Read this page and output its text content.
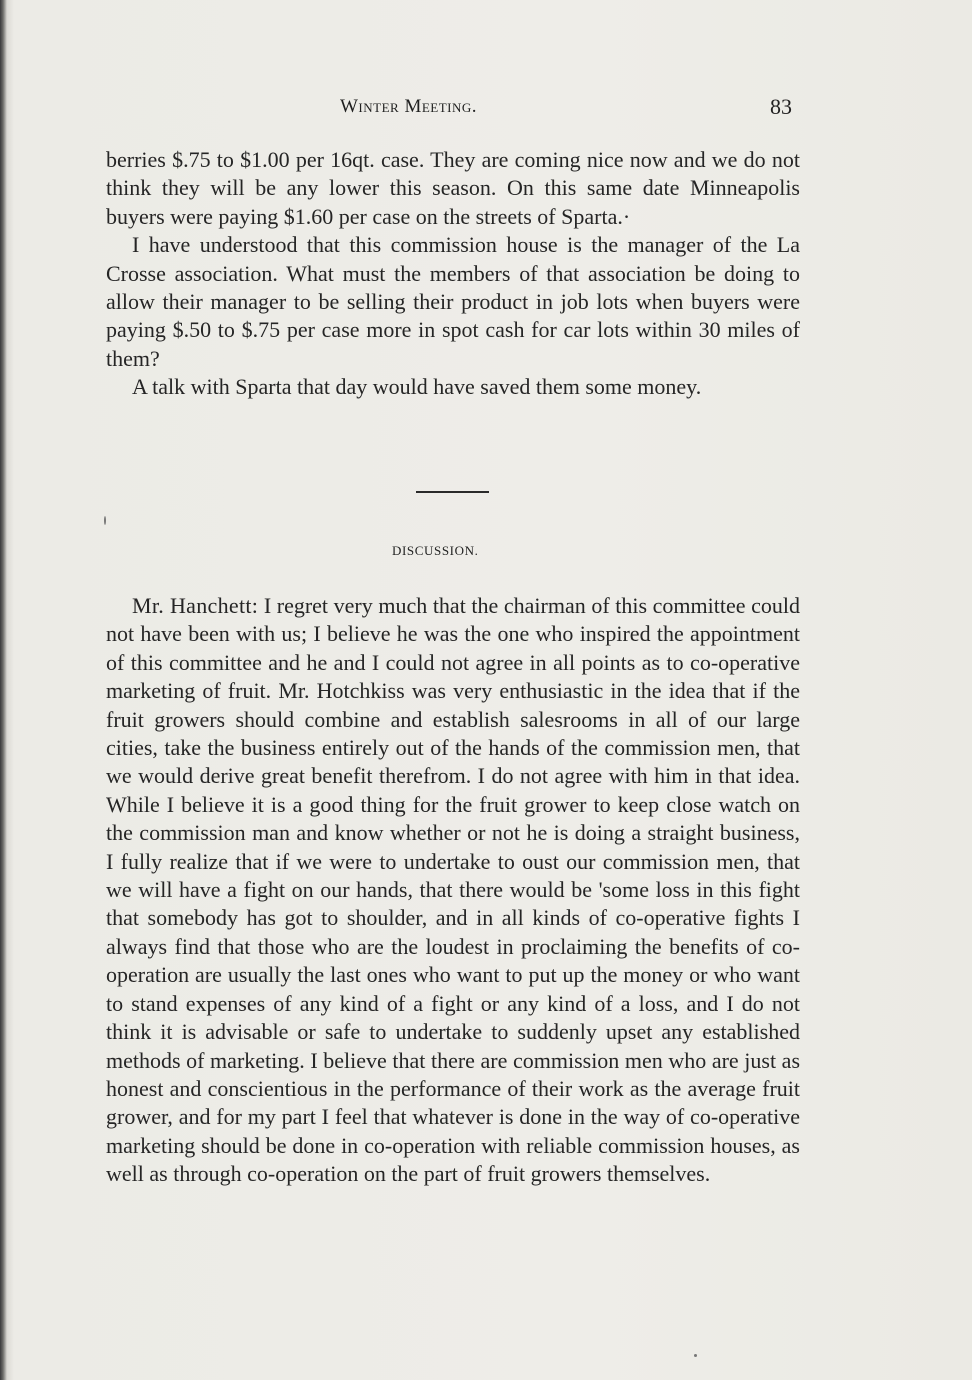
Winter Meeting.	83

berries $.75 to $1.00 per 16qt. case. They are coming nice now and we do not think they will be any lower this season. On this same date Minneapolis buyers were paying $1.60 per case on the streets of Sparta.·

I have understood that this commission house is the manager of the La Crosse association. What must the members of that association be doing to allow their manager to be selling their product in job lots when buyers were paying $.50 to $.75 per case more in spot cash for car lots within 30 miles of them?

A talk with Sparta that day would have saved them some money.

DISCUSSION.

Mr. Hanchett: I regret very much that the chairman of this committee could not have been with us; I believe he was the one who inspired the appointment of this committee and he and I could not agree in all points as to co-operative marketing of fruit. Mr. Hotchkiss was very enthusiastic in the idea that if the fruit growers should combine and establish salesrooms in all of our large cities, take the business entirely out of the hands of the commission men, that we would derive great benefit therefrom. I do not agree with him in that idea. While I believe it is a good thing for the fruit grower to keep close watch on the commission man and know whether or not he is doing a straight business, I fully realize that if we were to undertake to oust our commission men, that we will have a fight on our hands, that there would be 'some loss in this fight that somebody has got to shoulder, and in all kinds of co-operative fights I always find that those who are the loudest in proclaiming the benefits of co-operation are usually the last ones who want to put up the money or who want to stand expenses of any kind of a fight or any kind of a loss, and I do not think it is advisable or safe to undertake to suddenly upset any established methods of marketing. I believe that there are commission men who are just as honest and conscientious in the performance of their work as the average fruit grower, and for my part I feel that whatever is done in the way of co-operative marketing should be done in co-operation with reliable commission houses, as well as through co-operation on the part of fruit growers themselves.
